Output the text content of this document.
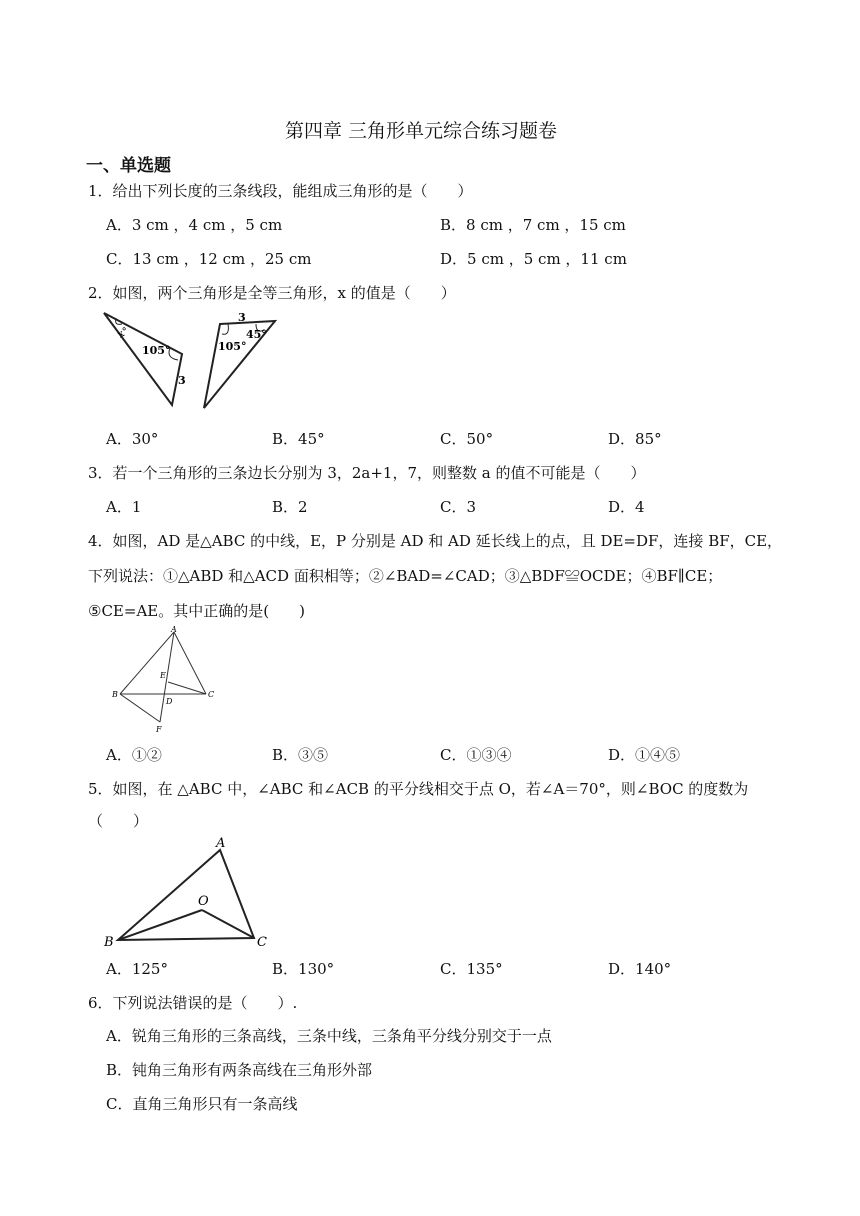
第四章 三角形单元综合练习题卷
一、单选题
1．给出下列长度的三条线段，能组成三角形的是（　　）
A．3 cm ，4 cm ，5 cm	B．8 cm ，7 cm ，15 cm
C．13 cm ，12 cm ，25 cm	D．5 cm ，5 cm ，11 cm
2．如图，两个三角形是全等三角形，x 的值是（　　）
x°
105°
3
3
45°
105°
A．30°	B．45°	C．50°	D．85°
3．若一个三角形的三条边长分别为 3，2a+1，7，则整数 a 的值不可能是（　　）
A．1	B．2	C．3	D．4
4．如图，AD 是△ABC 的中线，E，P 分别是 AD 和 AD 延长线上的点，且 DE=DF，连接 BF，CE，
下列说法：①△ABD 和△ACD 面积相等；②∠BAD=∠CAD；③△BDF≌OCDE；④BF∥CE；
⑤CE=AE。其中正确的是(　　)
A
B	C
D
E
F
A．①②	B．③⑤	C．①③④	D．①④⑤
5．如图，在 △ABC 中，∠ABC 和∠ACB 的平分线相交于点 O，若∠A＝70°，则∠BOC 的度数为
（　　）
A
B	C
O
A．125°	B．130°	C．135°	D．140°
6．下列说法错误的是（　　）.
A．锐角三角形的三条高线，三条中线，三条角平分线分别交于一点
B．钝角三角形有两条高线在三角形外部
C．直角三角形只有一条高线
